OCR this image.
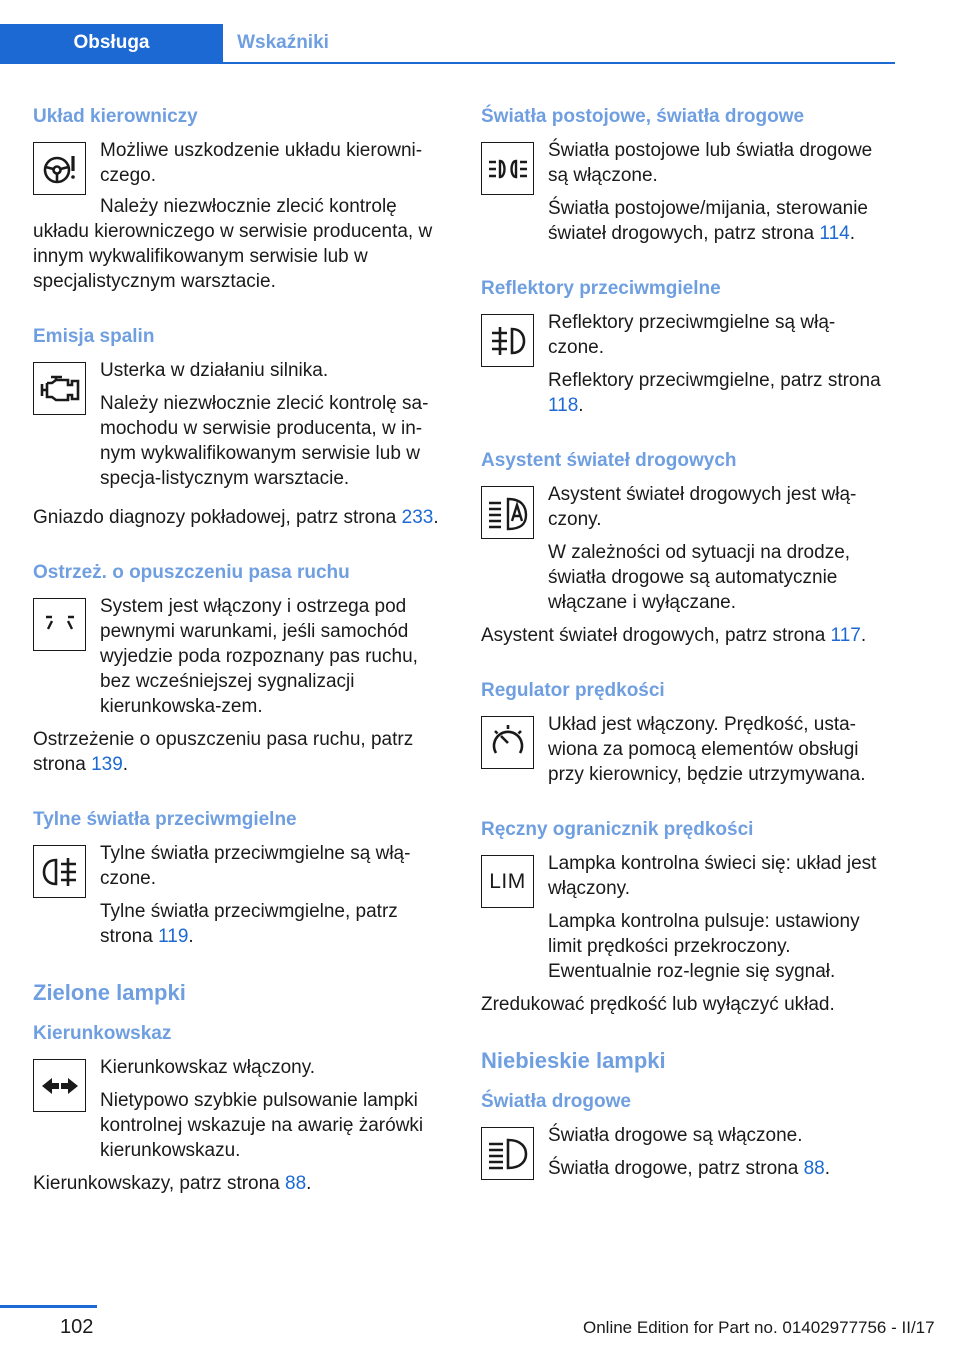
Obsługa	Wskaźniki
Układ kierowniczy

Możliwe uszkodzenie układu kierowni-czego.

Należy niezwłocznie zlecić kontrolę układu kierowniczego w serwisie producenta, w innym wykwalifikowanym serwisie lub w specjalistycznym warsztacie.

Emisja spalin

Usterka w działaniu silnika.

Należy niezwłocznie zlecić kontrolę sa-mochodu w serwisie producenta, w in-nym wykwalifikowanym serwisie lub w specja-listycznym warsztacie.

Gniazdo diagnozy pokładowej, patrz strona 233.

Ostrzeż. o opuszczeniu pasa ruchu

System jest włączony i ostrzega pod pewnymi warunkami, jeśli samochód wyjedzie poda rozpoznany pas ruchu, bez wcześniejszej sygnalizacji kierunkowska-zem.

Ostrzeżenie o opuszczeniu pasa ruchu, patrz strona 139.

Tylne światła przeciwmgielne

Tylne światła przeciwmgielne są włą-czone.

Tylne światła przeciwmgielne, patrz strona 119.

Zielone lampki
Kierunkowskaz

Kierunkowskaz włączony.

Nietypowo szybkie pulsowanie lampki kontrolnej wskazuje na awarię żarówki kierunkowskazu.

Kierunkowskazy, patrz strona 88.

Światła postojowe, światła drogowe

Światła postojowe lub światła drogowe są włączone.

Światła postojowe/mijania, sterowanie świateł drogowych, patrz strona 114.

Reflektory przeciwmgielne

Reflektory przeciwmgielne są włą-czone.

Reflektory przeciwmgielne, patrz strona 118.

Asystent świateł drogowych

Asystent świateł drogowych jest włą-czony.

W zależności od sytuacji na drodze, światła drogowe są automatycznie włączane i wyłączane.

Asystent świateł drogowych, patrz strona 117.

Regulator prędkości

Układ jest włączony. Prędkość, usta-wiona za pomocą elementów obsługi przy kierownicy, będzie utrzymywana.

Ręczny ogranicznik prędkości
LIM

Lampka kontrolna świeci się: układ jest włączony.

Lampka kontrolna pulsuje: ustawiony limit prędkości przekroczony. Ewentualnie roz-legnie się sygnał.

Zredukować prędkość lub wyłączyć układ.

Niebieskie lampki
Światła drogowe

Światła drogowe są włączone.

Światła drogowe, patrz strona 88.

102	Online Edition for Part no. 01402977756 - II/17
